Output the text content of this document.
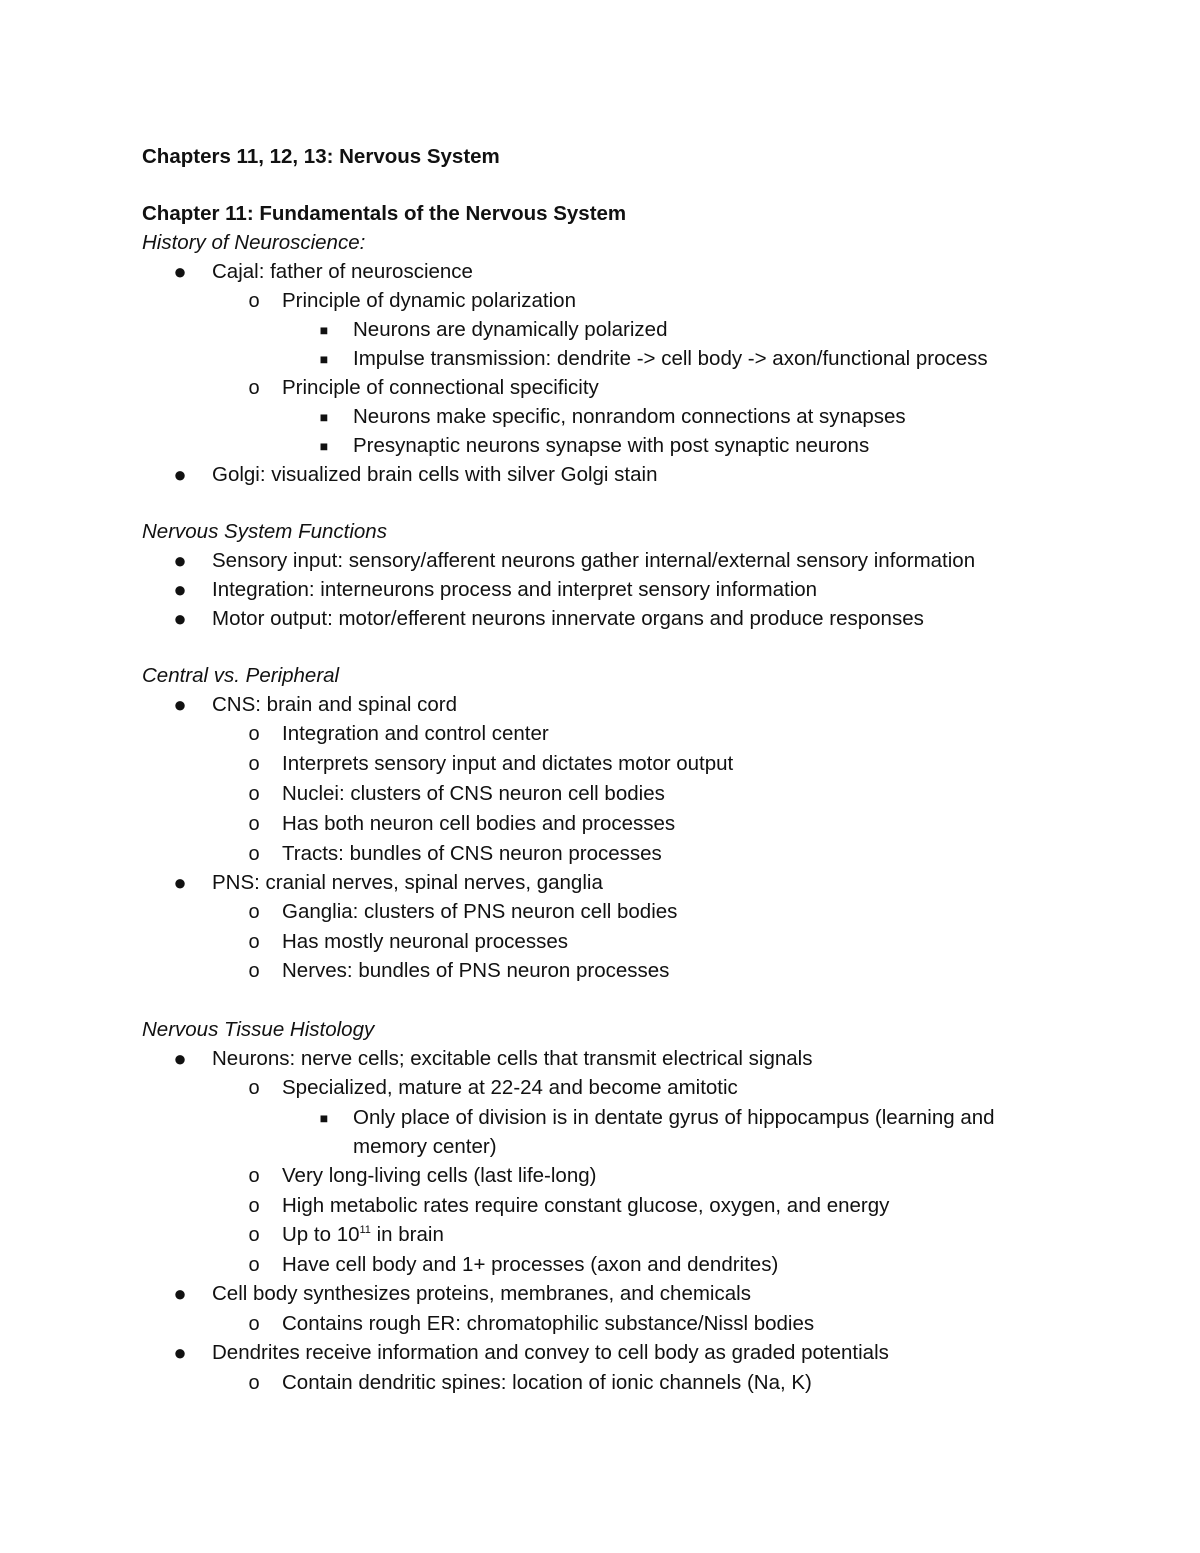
Chapters 11, 12, 13: Nervous System
Chapter 11: Fundamentals of the Nervous System
History of Neuroscience:
● Cajal: father of neuroscience
o Principle of dynamic polarization
■ Neurons are dynamically polarized
■ Impulse transmission: dendrite -> cell body -> axon/functional process
o Principle of connectional specificity
■ Neurons make specific, nonrandom connections at synapses
■ Presynaptic neurons synapse with post synaptic neurons
● Golgi: visualized brain cells with silver Golgi stain
Nervous System Functions
● Sensory input: sensory/afferent neurons gather internal/external sensory information
● Integration: interneurons process and interpret sensory information
● Motor output: motor/efferent neurons innervate organs and produce responses
Central vs. Peripheral
● CNS: brain and spinal cord
o Integration and control center
o Interprets sensory input and dictates motor output
o Nuclei: clusters of CNS neuron cell bodies
o Has both neuron cell bodies and processes
o Tracts: bundles of CNS neuron processes
● PNS: cranial nerves, spinal nerves, ganglia
o Ganglia: clusters of PNS neuron cell bodies
o Has mostly neuronal processes
o Nerves: bundles of PNS neuron processes
Nervous Tissue Histology
● Neurons: nerve cells; excitable cells that transmit electrical signals
o Specialized, mature at 22-24 and become amitotic
■ Only place of division is in dentate gyrus of hippocampus (learning and
memory center)
o Very long-living cells (last life-long)
o High metabolic rates require constant glucose, oxygen, and energy
o Up to $10^{11}$ in brain
o Have cell body and 1+ processes (axon and dendrites)
● Cell body synthesizes proteins, membranes, and chemicals
o Contains rough ER: chromatophilic substance/Nissl bodies
● Dendrites receive information and convey to cell body as graded potentials
o Contain dendritic spines: location of ionic channels (Na, K)
